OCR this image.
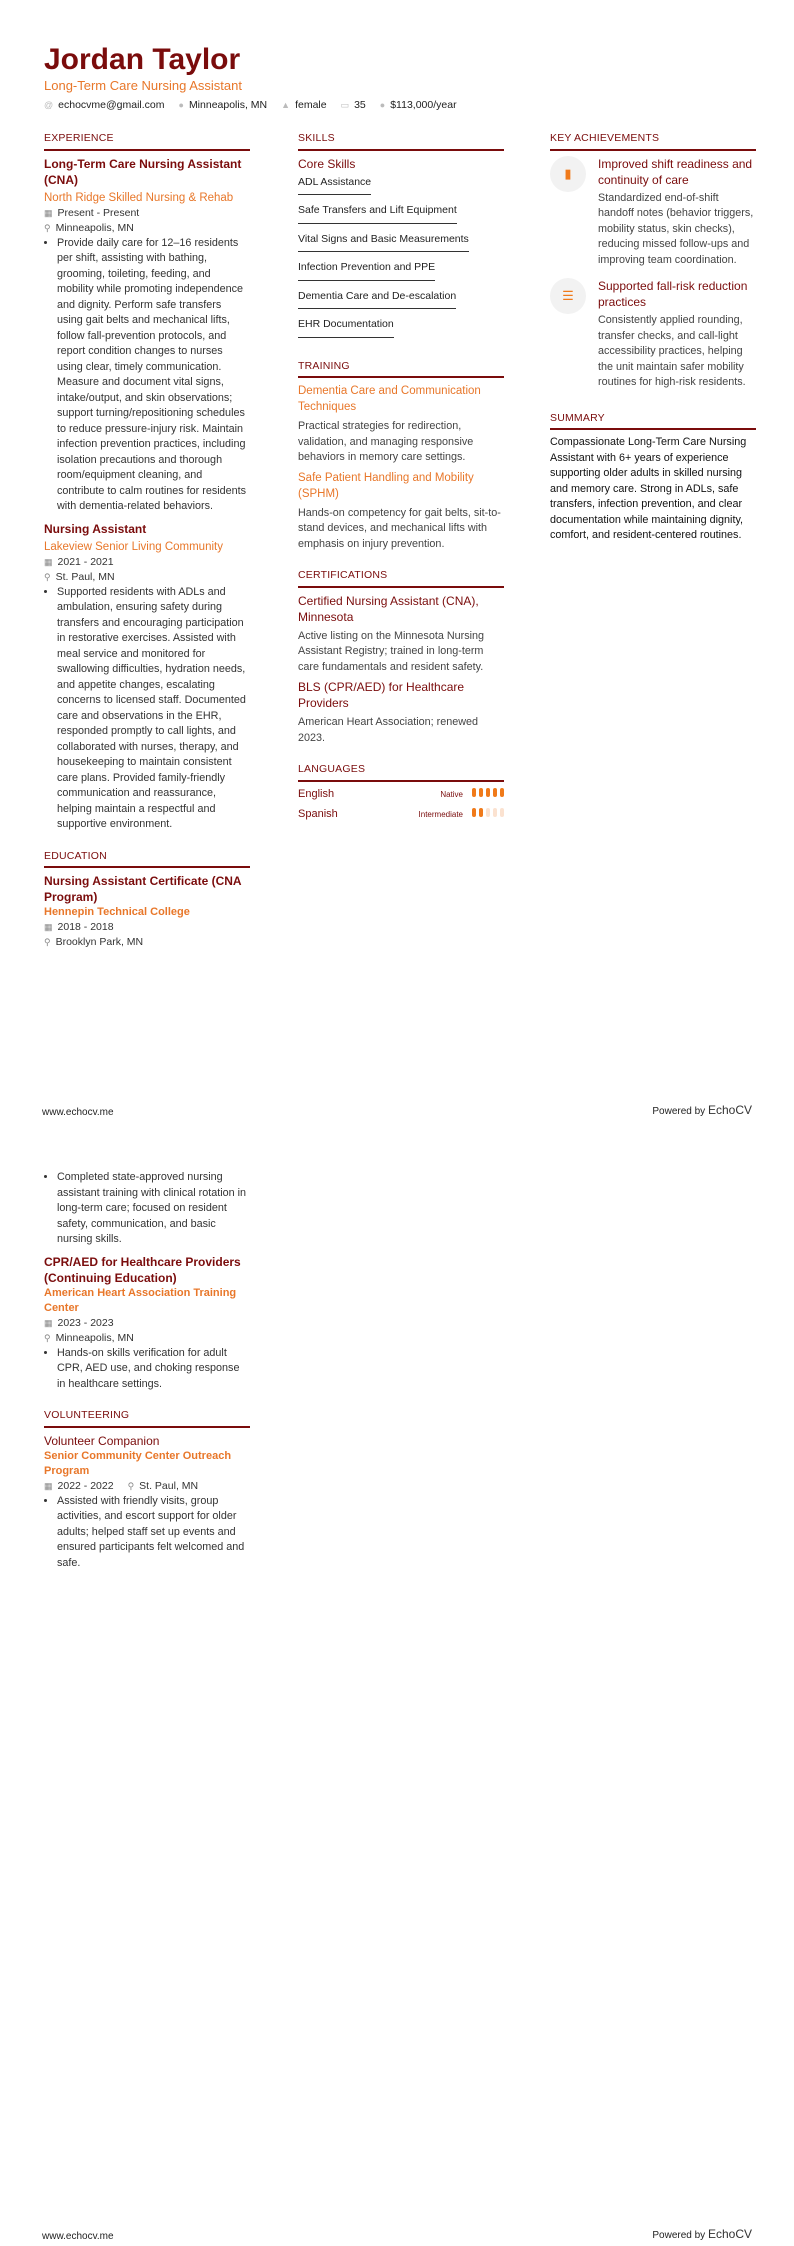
Jordan Taylor
Long-Term Care Nursing Assistant
@ echocvme@gmail.com ● Minneapolis, MN ▲ female ▭ 35 ● $113,000/year
EXPERIENCE
Long-Term Care Nursing Assistant (CNA)
North Ridge Skilled Nursing & Rehab
▦ Present - Present
⚲ Minneapolis, MN
• Provide daily care for 12–16 residents per shift, assisting with bathing, grooming, toileting, feeding, and mobility while promoting independence and dignity. Perform safe transfers using gait belts and mechanical lifts, follow fall-prevention protocols, and report condition changes to nurses using clear, timely communication. Measure and document vital signs, intake/output, and skin observations; support turning/repositioning schedules to reduce pressure-injury risk. Maintain infection prevention practices, including isolation precautions and thorough room/equipment cleaning, and contribute to calm routines for residents with dementia-related behaviors.
Nursing Assistant
Lakeview Senior Living Community
▦ 2021 - 2021
⚲ St. Paul, MN
• Supported residents with ADLs and ambulation, ensuring safety during transfers and encouraging participation in restorative exercises. Assisted with meal service and monitored for swallowing difficulties, hydration needs, and appetite changes, escalating concerns to licensed staff. Documented care and observations in the EHR, responded promptly to call lights, and collaborated with nurses, therapy, and housekeeping to maintain consistent care plans. Provided family-friendly communication and reassurance, helping maintain a respectful and supportive environment.
EDUCATION
Nursing Assistant Certificate (CNA Program)
Hennepin Technical College
▦ 2018 - 2018
⚲ Brooklyn Park, MN
SKILLS
Core Skills
ADL Assistance
Safe Transfers and Lift Equipment
Vital Signs and Basic Measurements
Infection Prevention and PPE
Dementia Care and De-escalation
EHR Documentation
TRAINING
Dementia Care and Communication Techniques
Practical strategies for redirection, validation, and managing responsive behaviors in memory care settings.
Safe Patient Handling and Mobility (SPHM)
Hands-on competency for gait belts, sit-to-stand devices, and mechanical lifts with emphasis on injury prevention.
CERTIFICATIONS
Certified Nursing Assistant (CNA), Minnesota
Active listing on the Minnesota Nursing Assistant Registry; trained in long-term care fundamentals and resident safety.
BLS (CPR/AED) for Healthcare Providers
American Heart Association; renewed 2023.
LANGUAGES
English	Native
Spanish	Intermediate
KEY ACHIEVEMENTS
▮
Improved shift readiness and continuity of care
Standardized end-of-shift handoff notes (behavior triggers, mobility status, skin checks), reducing missed follow-ups and improving team coordination.
☰
Supported fall-risk reduction practices
Consistently applied rounding, transfer checks, and call-light accessibility practices, helping the unit maintain safer mobility routines for high-risk residents.
SUMMARY
Compassionate Long-Term Care Nursing Assistant with 6+ years of experience supporting older adults in skilled nursing and memory care. Strong in ADLs, safe transfers, infection prevention, and clear documentation while maintaining dignity, comfort, and resident-centered routines.
• Completed state-approved nursing assistant training with clinical rotation in long-term care; focused on resident safety, communication, and basic nursing skills.
CPR/AED for Healthcare Providers (Continuing Education)
American Heart Association Training Center
▦ 2023 - 2023
⚲ Minneapolis, MN
• Hands-on skills verification for adult CPR, AED use, and choking response in healthcare settings.
VOLUNTEERING
Volunteer Companion
Senior Community Center Outreach Program
▦ 2022 - 2022 ⚲ St. Paul, MN
• Assisted with friendly visits, group activities, and escort support for older adults; helped staff set up events and ensured participants felt welcomed and safe.
www.echocv.me	Powered by EchoCV
www.echocv.me	Powered by EchoCV
